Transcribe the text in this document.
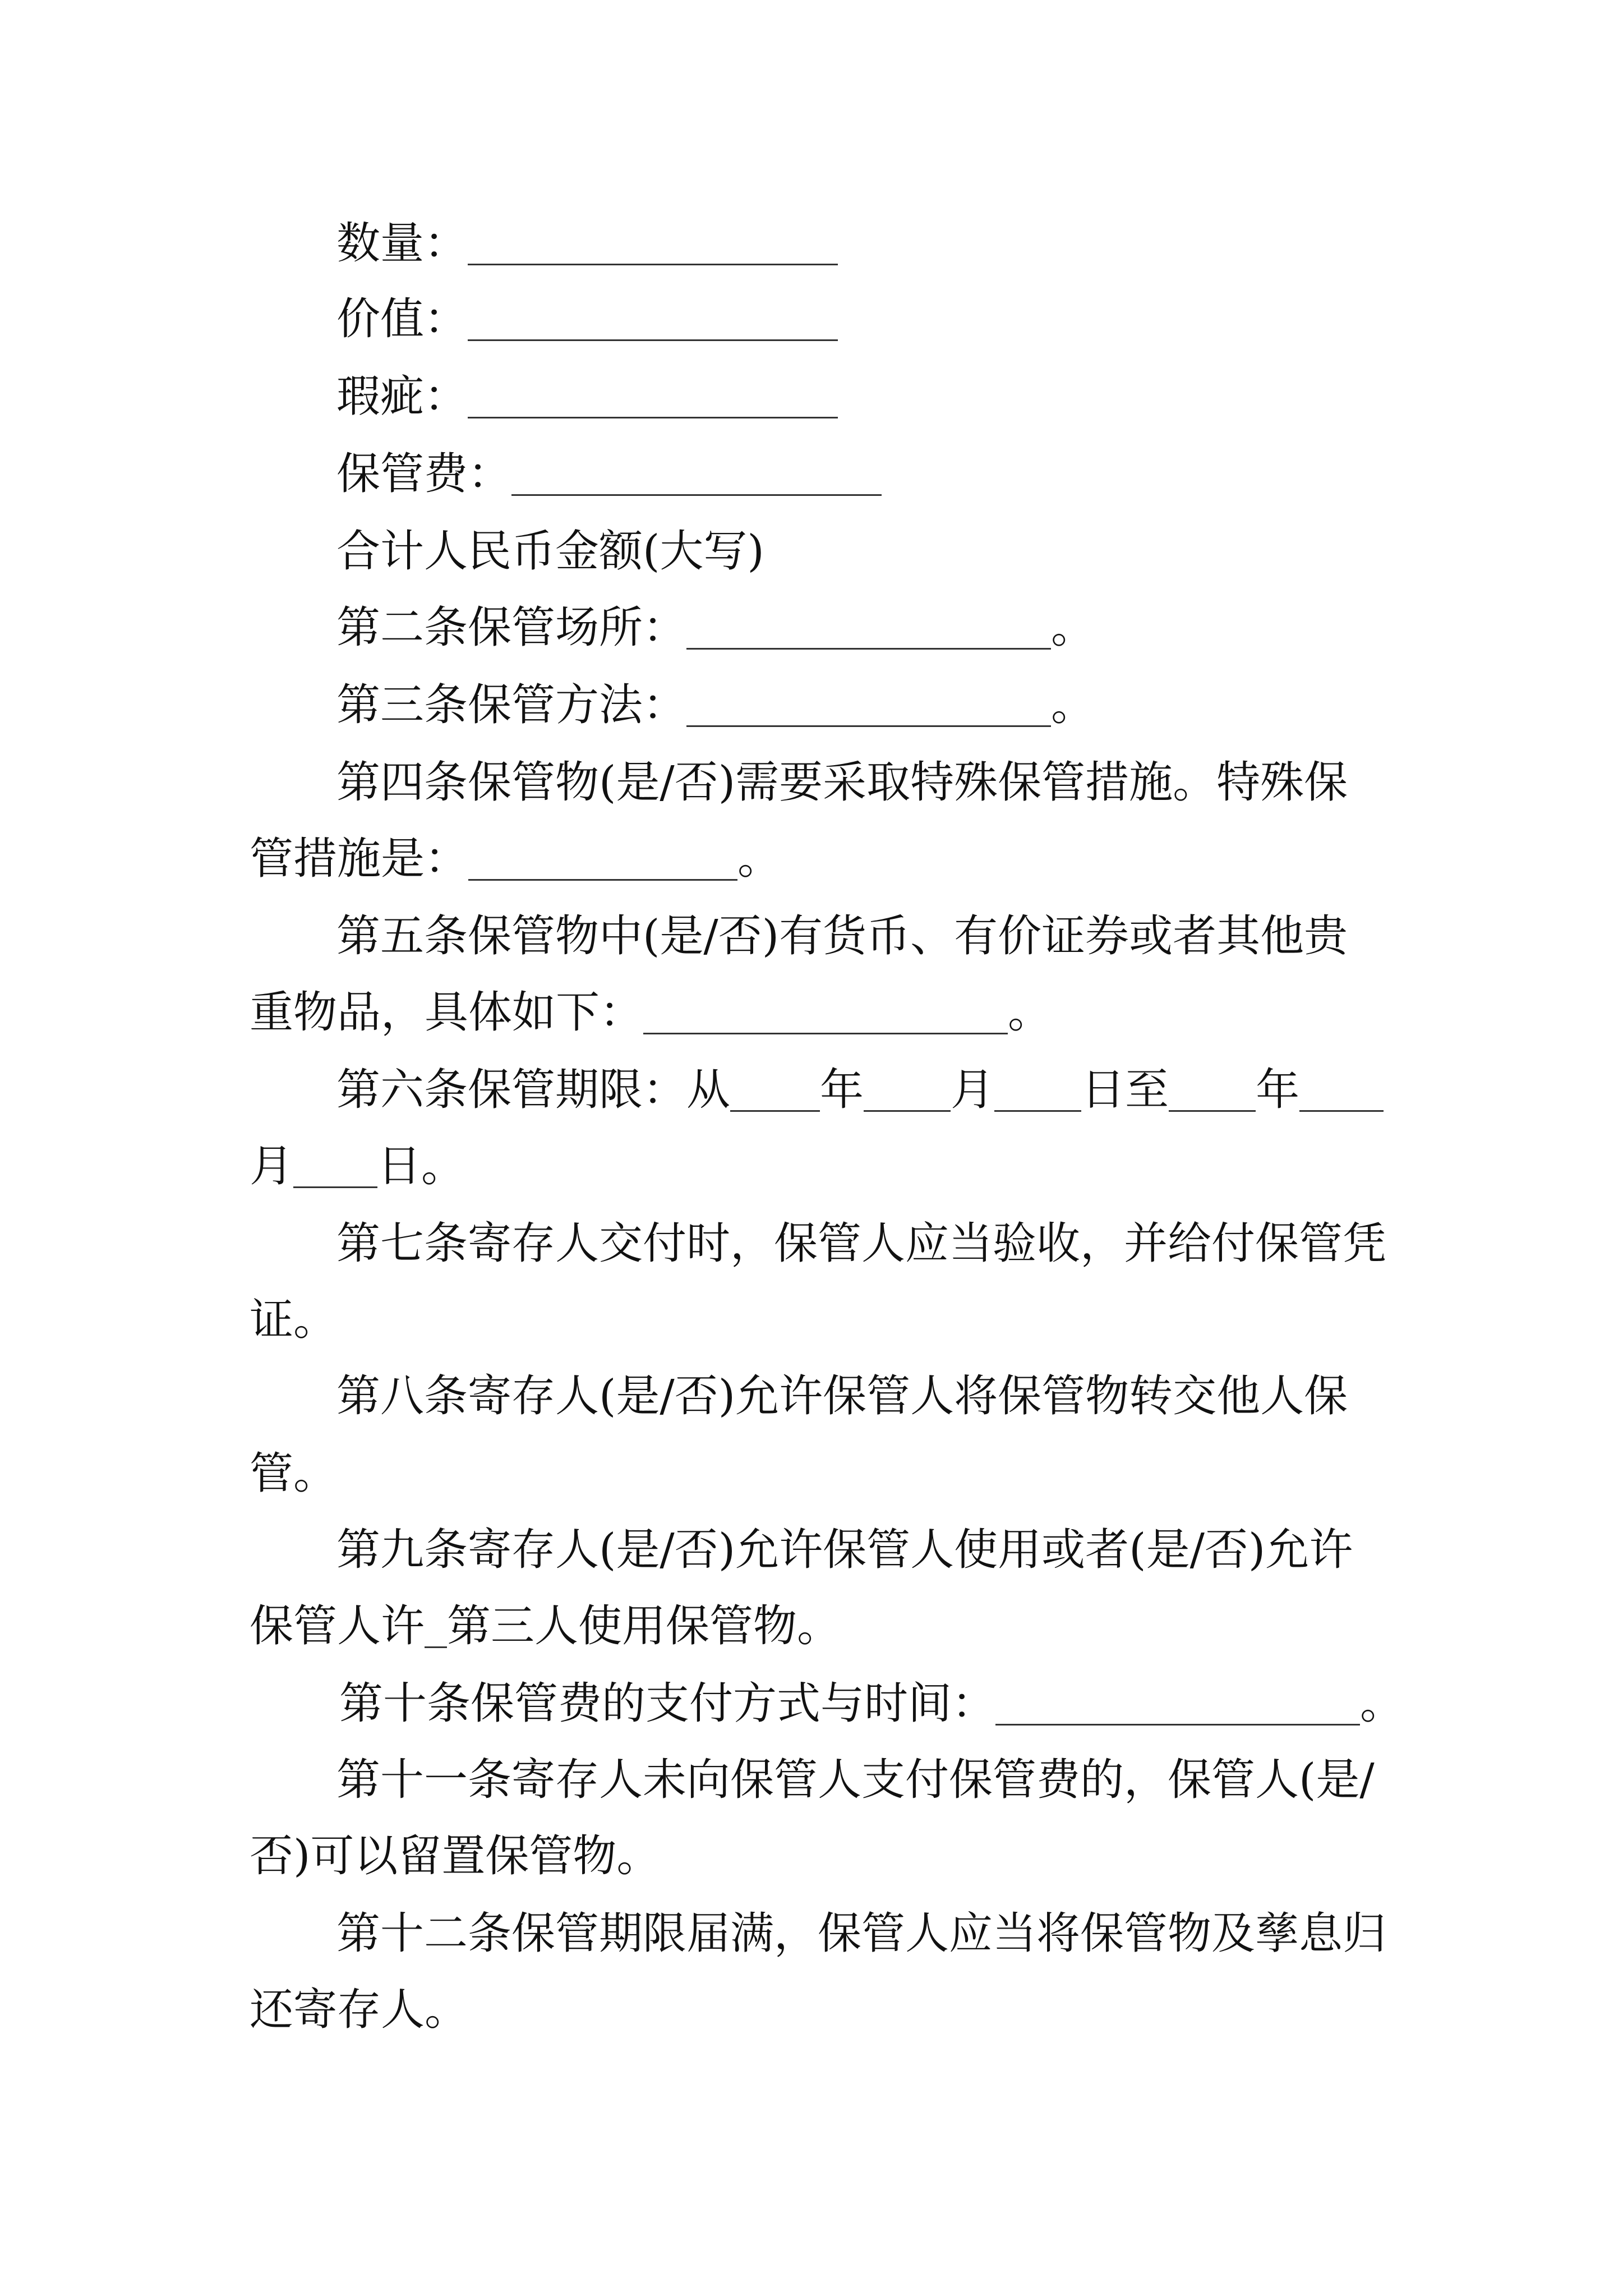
数量：
价值：
瑕疵：
保管费：
合计人民币金额(大写)
第二条保管场所：	。
第三条保管方法：	。
第四条保管物(是/否)需要采取特殊保管措施。特殊保
管措施是：	。
第五条保管物中(是/否)有货币、有价证券或者其他贵
重物品，具体如下：	。
第六条保管期限：从 年 月 日至 年
月 日。
第七条寄存人交付时，保管人应当验收，并给付保管凭
证。
第八条寄存人(是/否)允许保管人将保管物转交他人保
管。
第九条寄存人(是/否)允许保管人使用或者(是/否)允许
保管人许 第三人使用保管物。
第十条保管费的支付方式与时间：	。
第十一条寄存人未向保管人支付保管费的，保管人(是/
否)可以留置保管物。
第十二条保管期限届满，保管人应当将保管物及孳息归
还寄存人。
